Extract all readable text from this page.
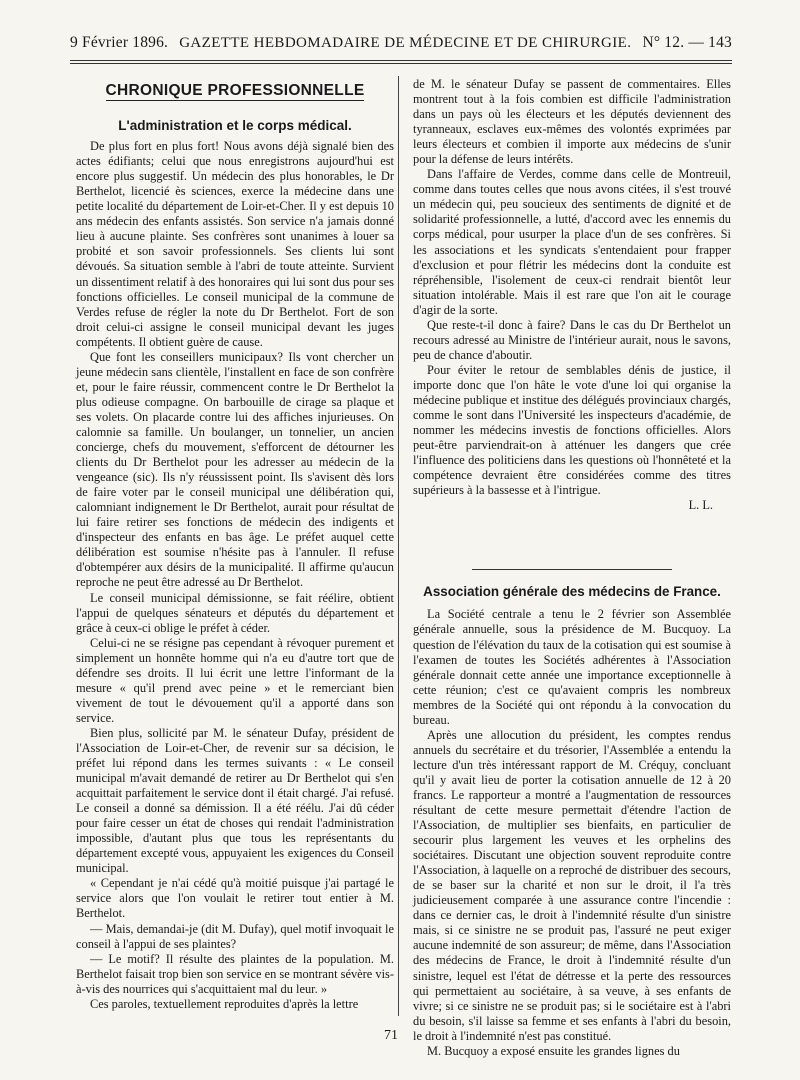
9 Février 1896. GAZETTE HEBDOMADAIRE DE MÉDECINE ET DE CHIRURGIE. N° 12. — 143
CHRONIQUE PROFESSIONNELLE
L'administration et le corps médical.

De plus fort en plus fort! Nous avons déjà signalé bien des actes édifiants; celui que nous enregistrons aujourd'hui est encore plus suggestif. Un médecin des plus honorables, le Dr Berthelot, licencié ès sciences, exerce la médecine dans une petite localité du département de Loir-et-Cher. Il y est depuis 10 ans médecin des enfants assistés. Son service n'a jamais donné lieu à aucune plainte. Ses confrères sont unanimes à louer sa probité et son savoir professionnels. Ses clients lui sont dévoués. Sa situation semble à l'abri de toute atteinte. Survient un dissentiment relatif à des honoraires qui lui sont dus pour ses fonctions officielles. Le conseil municipal de la commune de Verdes refuse de régler la note du Dr Berthelot. Fort de son droit celui-ci assigne le conseil municipal devant les juges compétents. Il obtient guère de cause.

Que font les conseillers municipaux? Ils vont chercher un jeune médecin sans clientèle, l'installent en face de son confrère et, pour le faire réussir, commencent contre le Dr Berthelot la plus odieuse compagne. On barbouille de cirage sa plaque et ses volets. On placarde contre lui des affiches injurieuses. On calomnie sa famille. Un boulanger, un tonnelier, un ancien concierge, chefs du mouvement, s'efforcent de détourner les clients du Dr Berthelot pour les adresser au médecin de la vengeance (sic). Ils n'y réussissent point. Ils s'avisent dès lors de faire voter par le conseil municipal une délibération qui, calomniant indignement le Dr Berthelot, aurait pour résultat de lui faire retirer ses fonctions de médecin des indigents et d'inspecteur des enfants en bas âge. Le préfet auquel cette délibération est soumise n'hésite pas à l'annuler. Il refuse d'obtempérer aux désirs de la municipalité. Il affirme qu'aucun reproche ne peut être adressé au Dr Berthelot.

Le conseil municipal démissionne, se fait réélire, obtient l'appui de quelques sénateurs et députés du département et grâce à ceux-ci oblige le préfet à céder.

Celui-ci ne se résigne pas cependant à révoquer purement et simplement un honnête homme qui n'a eu d'autre tort que de défendre ses droits. Il lui écrit une lettre l'informant de la mesure « qu'il prend avec peine » et le remerciant bien vivement de tout le dévouement qu'il a apporté dans son service.

Bien plus, sollicité par M. le sénateur Dufay, président de l'Association de Loir-et-Cher, de revenir sur sa décision, le préfet lui répond dans les termes suivants : « Le conseil municipal m'avait demandé de retirer au Dr Berthelot qui s'en acquittait parfaitement le service dont il était chargé. J'ai refusé. Le conseil a donné sa démission. Il a été réélu. J'ai dû céder pour faire cesser un état de choses qui rendait l'administration impossible, d'autant plus que tous les représentants du département excepté vous, appuyaient les exigences du Conseil municipal.

« Cependant je n'ai cédé qu'à moitié puisque j'ai partagé le service alors que l'on voulait le retirer tout entier à M. Berthelot.

— Mais, demandai-je (dit M. Dufay), quel motif invoquait le conseil à l'appui de ses plaintes?

— Le motif? Il résulte des plaintes de la population. M. Berthelot faisait trop bien son service en se montrant sévère vis-à-vis des nourrices qui s'acquittaient mal du leur. »

Ces paroles, textuellement reproduites d'après la lettre

de M. le sénateur Dufay se passent de commentaires. Elles montrent tout à la fois combien est difficile l'administration dans un pays où les électeurs et les députés deviennent des tyranneaux, esclaves eux-mêmes des volontés exprimées par leurs électeurs et combien il importe aux médecins de s'unir pour la défense de leurs intérêts.

Dans l'affaire de Verdes, comme dans celle de Montreuil, comme dans toutes celles que nous avons citées, il s'est trouvé un médecin qui, peu soucieux des sentiments de dignité et de solidarité professionnelle, a lutté, d'accord avec les ennemis du corps médical, pour usurper la place d'un de ses confrères. Si les associations et les syndicats s'entendaient pour frapper d'exclusion et pour flétrir les médecins dont la conduite est répréhensible, l'isolement de ceux-ci rendrait bientôt leur situation intolérable. Mais il est rare que l'on ait le courage d'agir de la sorte.

Que reste-t-il donc à faire? Dans le cas du Dr Berthelot un recours adressé au Ministre de l'intérieur aurait, nous le savons, peu de chance d'aboutir.

Pour éviter le retour de semblables dénis de justice, il importe donc que l'on hâte le vote d'une loi qui organise la médecine publique et institue des délégués provinciaux chargés, comme le sont dans l'Université les inspecteurs d'académie, de nommer les médecins investis de fonctions officielles. Alors peut-être parviendrait-on à atténuer les dangers que crée l'influence des politiciens dans les questions où l'honnêteté et la compétence devraient être considérées comme des titres supérieurs à la bassesse et à l'intrigue.

L. L.

Association générale des médecins de France.

La Société centrale a tenu le 2 février son Assemblée générale annuelle, sous la présidence de M. Bucquoy. La question de l'élévation du taux de la cotisation qui est soumise à l'examen de toutes les Sociétés adhérentes à l'Association générale donnait cette année une importance exceptionnelle à cette réunion; c'est ce qu'avaient compris les nombreux membres de la Société qui ont répondu à la convocation du bureau.

Après une allocution du président, les comptes rendus annuels du secrétaire et du trésorier, l'Assemblée a entendu la lecture d'un très intéressant rapport de M. Créquy, concluant qu'il y avait lieu de porter la cotisation annuelle de 12 à 20 francs. Le rapporteur a montré a l'augmentation de ressources résultant de cette mesure permettait d'étendre l'action de l'Association, de multiplier ses bienfaits, en particulier de secourir plus largement les veuves et les orphelins des sociétaires. Discutant une objection souvent reproduite contre l'Association, à laquelle on a reproché de distribuer des secours, de se baser sur la charité et non sur le droit, il l'a très judicieusement comparée à une assurance contre l'incendie : dans ce dernier cas, le droit à l'indemnité résulte d'un sinistre mais, si ce sinistre ne se produit pas, l'assuré ne peut exiger aucune indemnité de son assureur; de même, dans l'Association des médecins de France, le droit à l'indemnité résulte d'un sinistre, lequel est l'état de détresse et la perte des ressources qui permettaient au sociétaire, à sa veuve, à ses enfants de vivre; si ce sinistre ne se produit pas; si le sociétaire est à l'abri du besoin, s'il laisse sa femme et ses enfants à l'abri du besoin, le droit à l'indemnité n'est pas constitué.

M. Bucquoy a exposé ensuite les grandes lignes du

71
